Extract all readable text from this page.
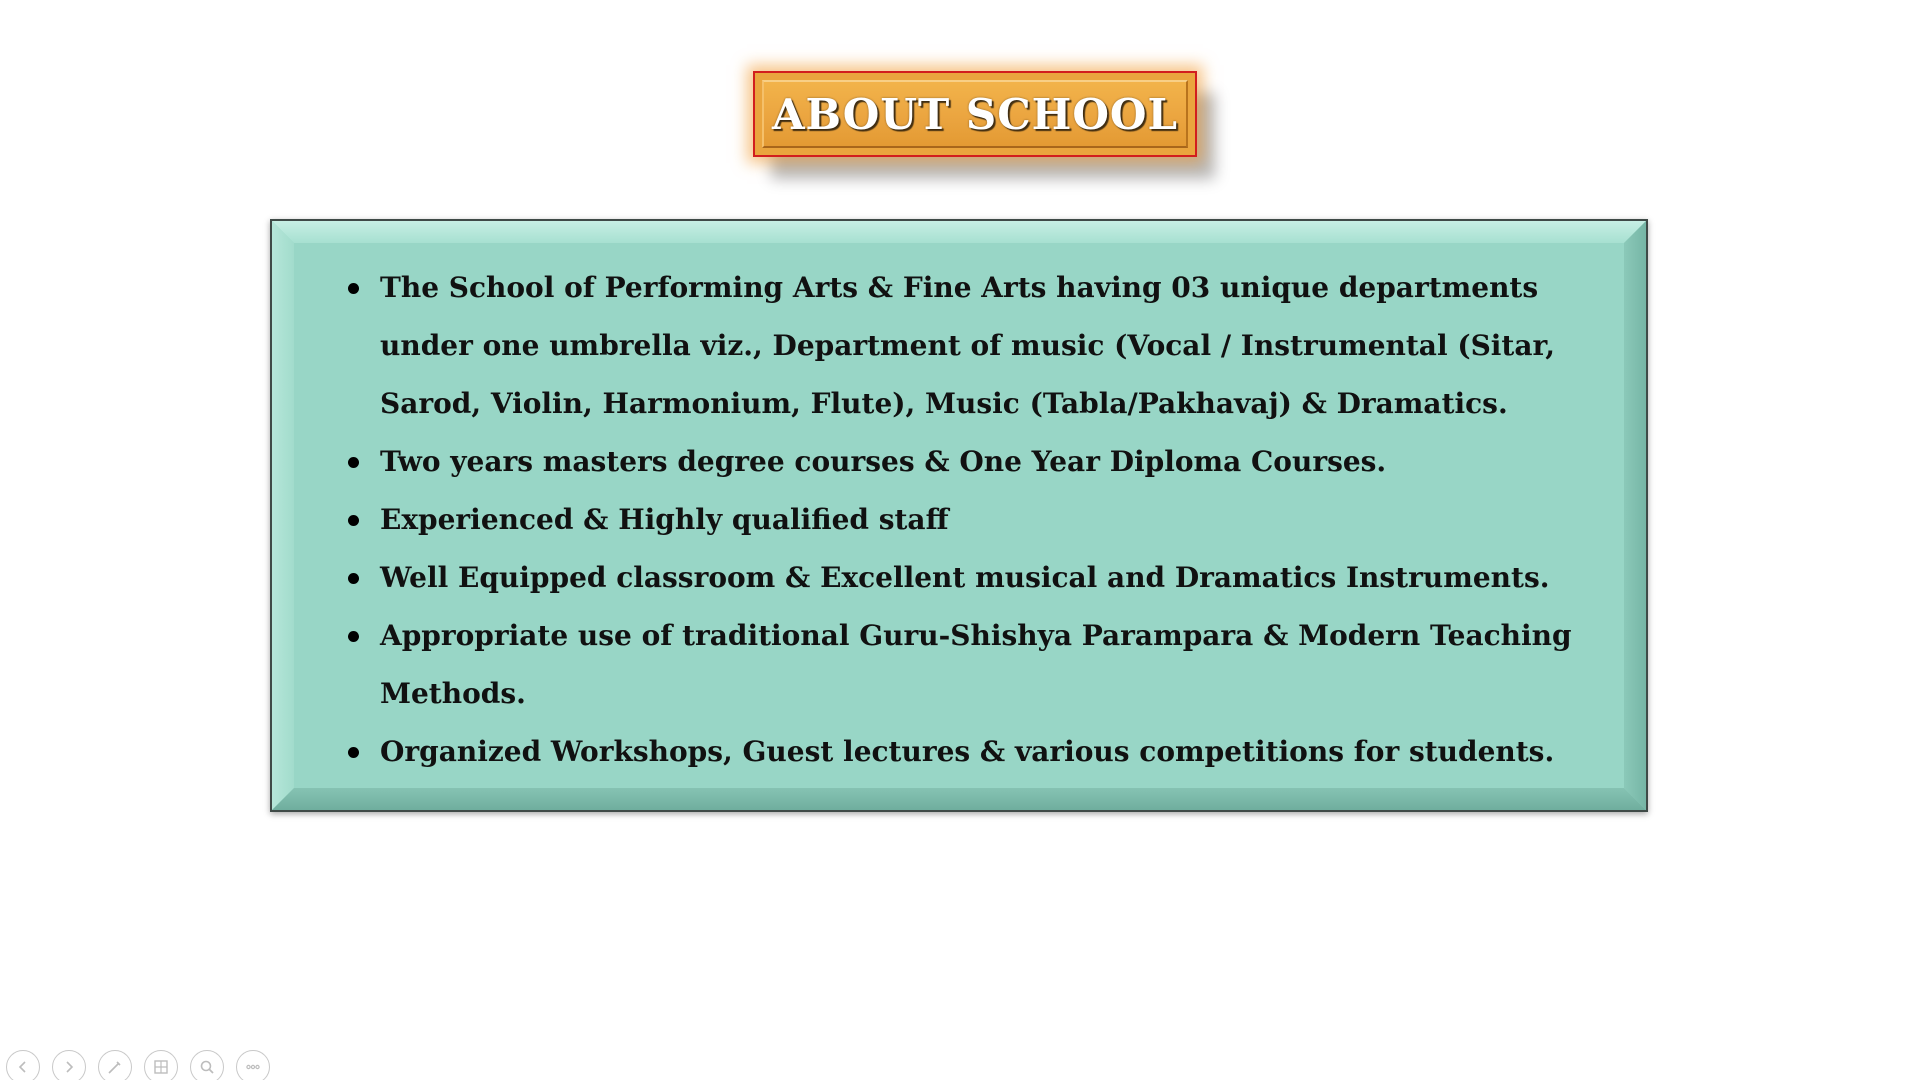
ABOUT SCHOOL
The School of Performing Arts & Fine Arts having 03 unique departments under one umbrella viz., Department of music (Vocal / Instrumental (Sitar, Sarod, Violin, Harmonium, Flute), Music (Tabla/Pakhavaj) & Dramatics.
Two years masters degree courses & One Year Diploma Courses.
Experienced & Highly qualified staff
Well Equipped classroom & Excellent musical and Dramatics Instruments.
Appropriate use of traditional Guru-Shishya Parampara & Modern Teaching Methods.
Organized Workshops, Guest lectures & various competitions for students.
